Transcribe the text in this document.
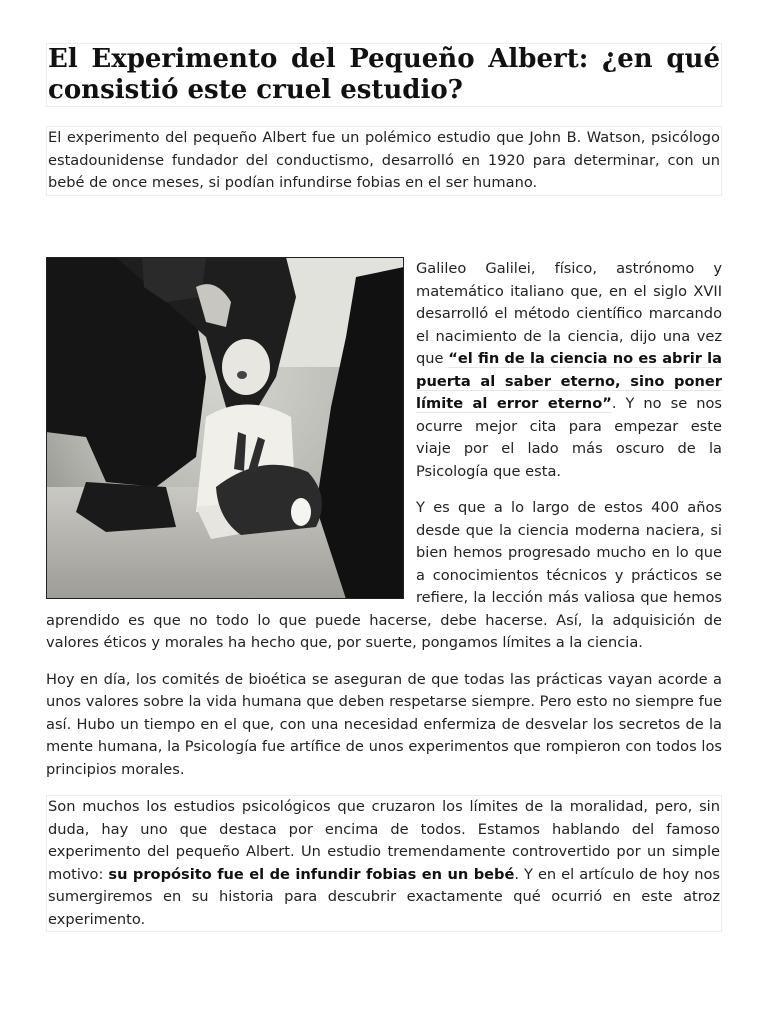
El Experimento del Pequeño Albert: ¿en qué consistió este cruel estudio?

El experimento del pequeño Albert fue un polémico estudio que John B. Watson, psicólogo estadounidense fundador del conductismo, desarrolló en 1920 para determinar, con un bebé de once meses, si podían infundirse fobias en el ser humano.

Galileo Galilei, físico, astrónomo y matemático italiano que, en el siglo XVII desarrolló el método científico marcando el nacimiento de la ciencia, dijo una vez que “el fin de la ciencia no es abrir la puerta al saber eterno, sino poner límite al error eterno”. Y no se nos ocurre mejor cita para empezar este viaje por el lado más oscuro de la Psicología que esta.

Y es que a lo largo de estos 400 años desde que la ciencia moderna naciera, si bien hemos progresado mucho en lo que a conocimientos técnicos y prácticos se refiere, la lección más valiosa que hemos aprendido es que no todo lo que puede hacerse, debe hacerse. Así, la adquisición de valores éticos y morales ha hecho que, por suerte, pongamos límites a la ciencia.

Hoy en día, los comités de bioética se aseguran de que todas las prácticas vayan acorde a unos valores sobre la vida humana que deben respetarse siempre. Pero esto no siempre fue así. Hubo un tiempo en el que, con una necesidad enfermiza de desvelar los secretos de la mente humana, la Psicología fue artífice de unos experimentos que rompieron con todos los principios morales.

Son muchos los estudios psicológicos que cruzaron los límites de la moralidad, pero, sin duda, hay uno que destaca por encima de todos. Estamos hablando del famoso experimento del pequeño Albert. Un estudio tremendamente controvertido por un simple motivo: su propósito fue el de infundir fobias en un bebé. Y en el artículo de hoy nos sumergiremos en su historia para descubrir exactamente qué ocurrió en este atroz experimento.
